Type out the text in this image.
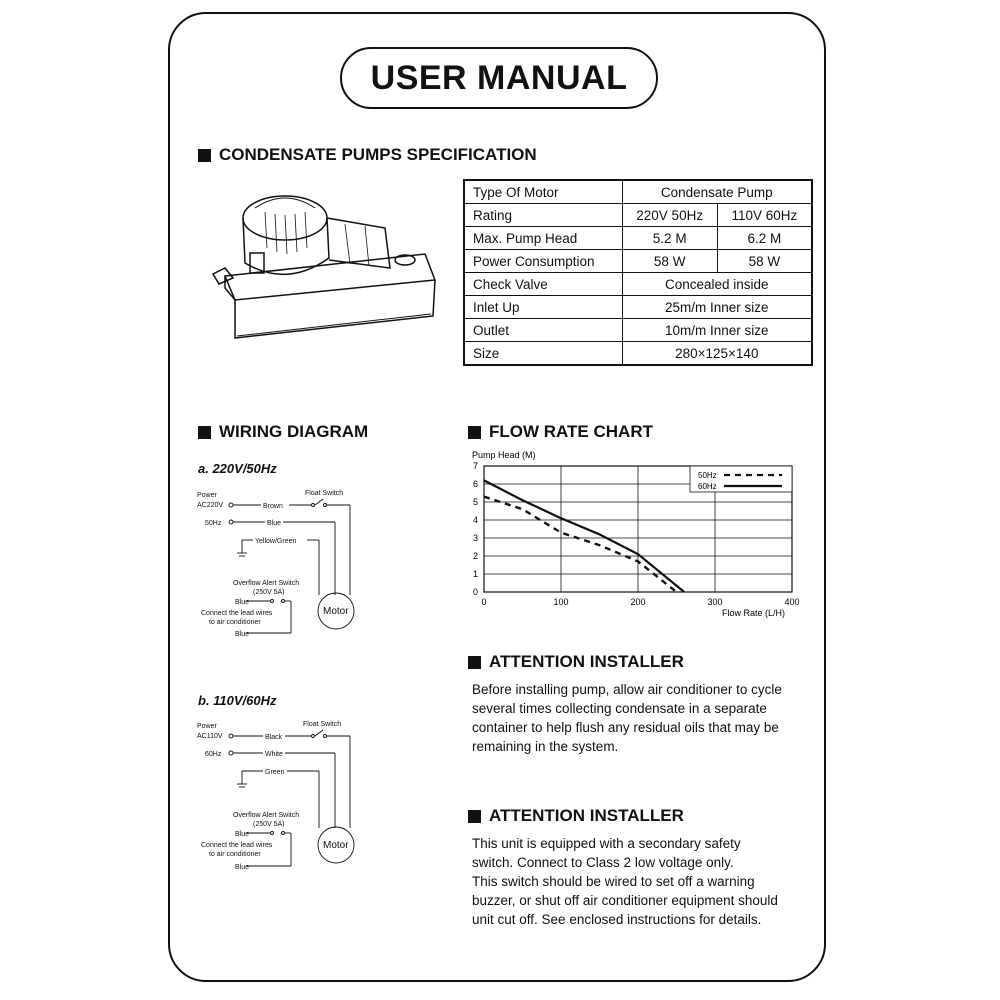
USER MANUAL
CONDENSATE PUMPS SPECIFICATION
Type Of Motor	Condensate Pump	
Rating	220V 50Hz	110V 60Hz
Max. Pump Head	5.2 M	6.2 M
Power Consumption	58 W	58 W
Check Valve	Concealed inside	
Inlet Up	25m/m Inner size	
Outlet	10m/m Inner size	
Size	280×125×140	
WIRING DIAGRAM
a. 220V/50Hz
Power
AC220V
50Hz
Float Switch
Brown
Blue
Yellow/Green
Overflow Alert Switch
(250V 5A)
Blue
Connect the lead wires
to air conditioner
Blue
Motor
b. 110V/60Hz
Power
AC110V
60Hz
Float Switch
Black
White
Green
Overflow Alert Switch
(250V 5A)
Blue
Connect the lead wires
to air conditioner
Blue
Motor
FLOW RATE CHART
Pump Head (M)
Flow Rate (L/H)
0	100	200	300	400
0
1
2
3
4
5
6
7
50Hz
60Hz
ATTENTION INSTALLER
Before installing pump, allow air conditioner to cycle
several times collecting condensate in a separate
container to help flush any residual oils that may be
remaining in the system.
ATTENTION INSTALLER
This unit is equipped with a secondary safety
switch. Connect to Class 2 low voltage only.
This switch should be wired to set off a warning
buzzer, or shut off air conditioner equipment should
unit cut off. See enclosed instructions for details.
